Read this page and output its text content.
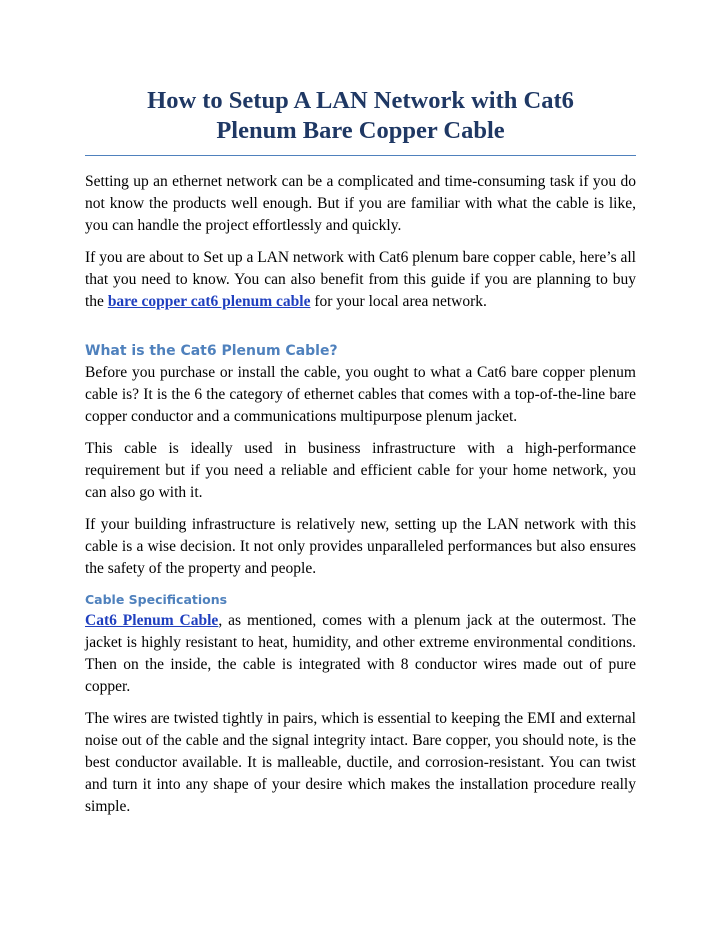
How to Setup A LAN Network with Cat6
Plenum Bare Copper Cable

Setting up an ethernet network can be a complicated and time-consuming task if you do not know the products well enough. But if you are familiar with what the cable is like, you can handle the project effortlessly and quickly.

If you are about to Set up a LAN network with Cat6 plenum bare copper cable, here’s all that you need to know. You can also benefit from this guide if you are planning to buy the bare copper cat6 plenum cable for your local area network.

What is the Cat6 Plenum Cable?

Before you purchase or install the cable, you ought to what a Cat6 bare copper plenum cable is? It is the 6 the category of ethernet cables that comes with a top-of-the-line bare copper conductor and a communications multipurpose plenum jacket.

This cable is ideally used in business infrastructure with a high-performance requirement but if you need a reliable and efficient cable for your home network, you can also go with it.

If your building infrastructure is relatively new, setting up the LAN network with this cable is a wise decision. It not only provides unparalleled performances but also ensures the safety of the property and people.

Cable Specifications

Cat6 Plenum Cable, as mentioned, comes with a plenum jack at the outermost. The jacket is highly resistant to heat, humidity, and other extreme environmental conditions. Then on the inside, the cable is integrated with 8 conductor wires made out of pure copper.

The wires are twisted tightly in pairs, which is essential to keeping the EMI and external noise out of the cable and the signal integrity intact. Bare copper, you should note, is the best conductor available. It is malleable, ductile, and corrosion-resistant. You can twist and turn it into any shape of your desire which makes the installation procedure really simple.
